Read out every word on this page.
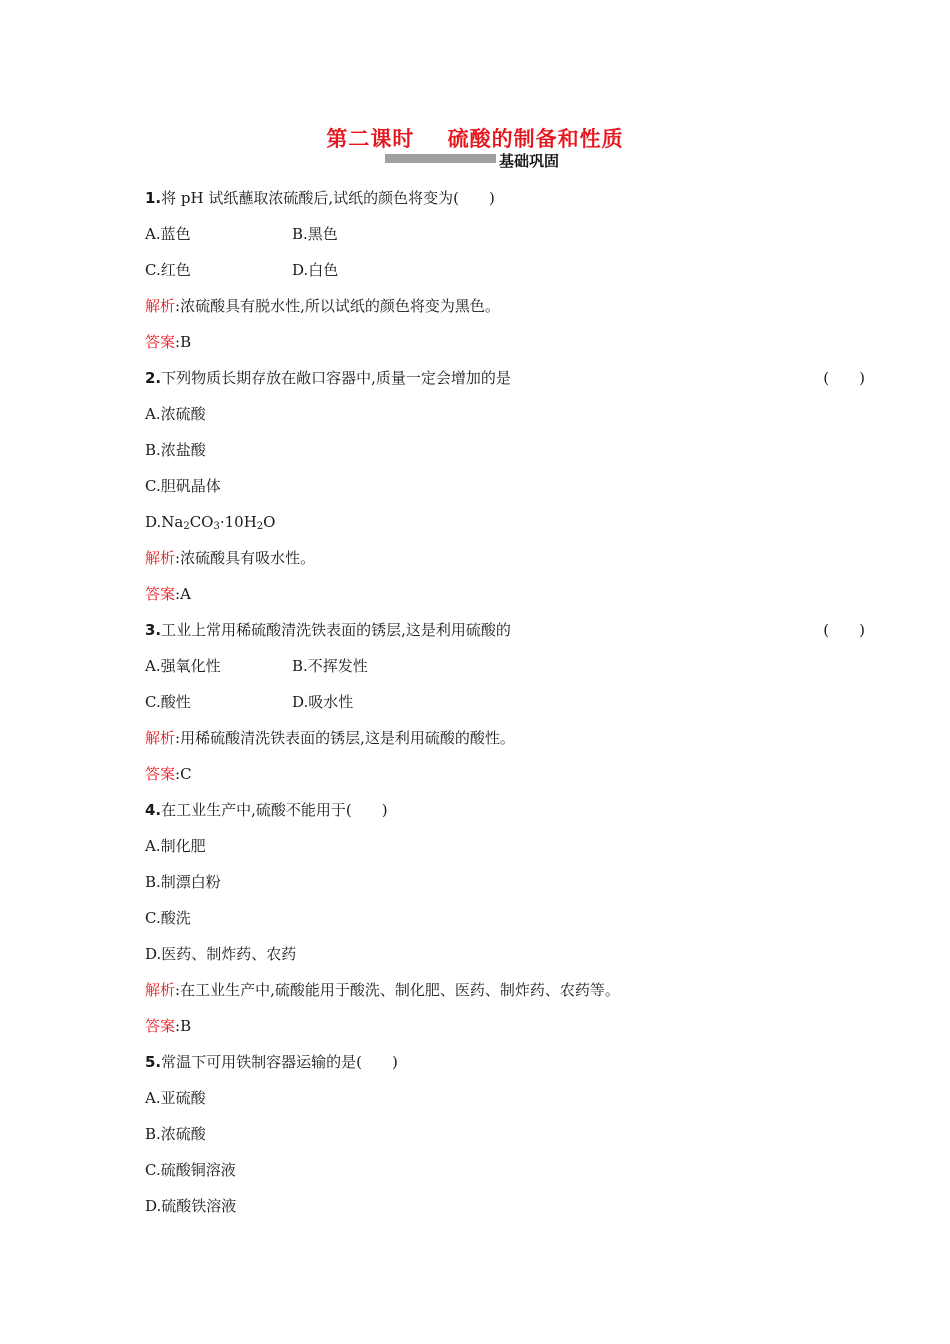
第二课时    硫酸的制备和性质
基础巩固
1.将 pH 试纸蘸取浓硫酸后,试纸的颜色将变为(　　)
A.蓝色	B.黑色
C.红色	D.白色
解析:浓硫酸具有脱水性,所以试纸的颜色将变为黑色。
答案:B
2.下列物质长期存放在敞口容器中,质量一定会增加的是	(　　)
A.浓硫酸
B.浓盐酸
C.胆矾晶体
$D.Na_2CO_3\cdot 10H_2O$
解析:浓硫酸具有吸水性。
答案:A
3.工业上常用稀硫酸清洗铁表面的锈层,这是利用硫酸的	(　　)
A.强氧化性	B.不挥发性
C.酸性	D.吸水性
解析:用稀硫酸清洗铁表面的锈层,这是利用硫酸的酸性。
答案:C
4.在工业生产中,硫酸不能用于(　　)
A.制化肥
B.制漂白粉
C.酸洗
D.医药、制炸药、农药
解析:在工业生产中,硫酸能用于酸洗、制化肥、医药、制炸药、农药等。
答案:B
5.常温下可用铁制容器运输的是(　　)
A.亚硫酸
B.浓硫酸
C.硫酸铜溶液
D.硫酸铁溶液
